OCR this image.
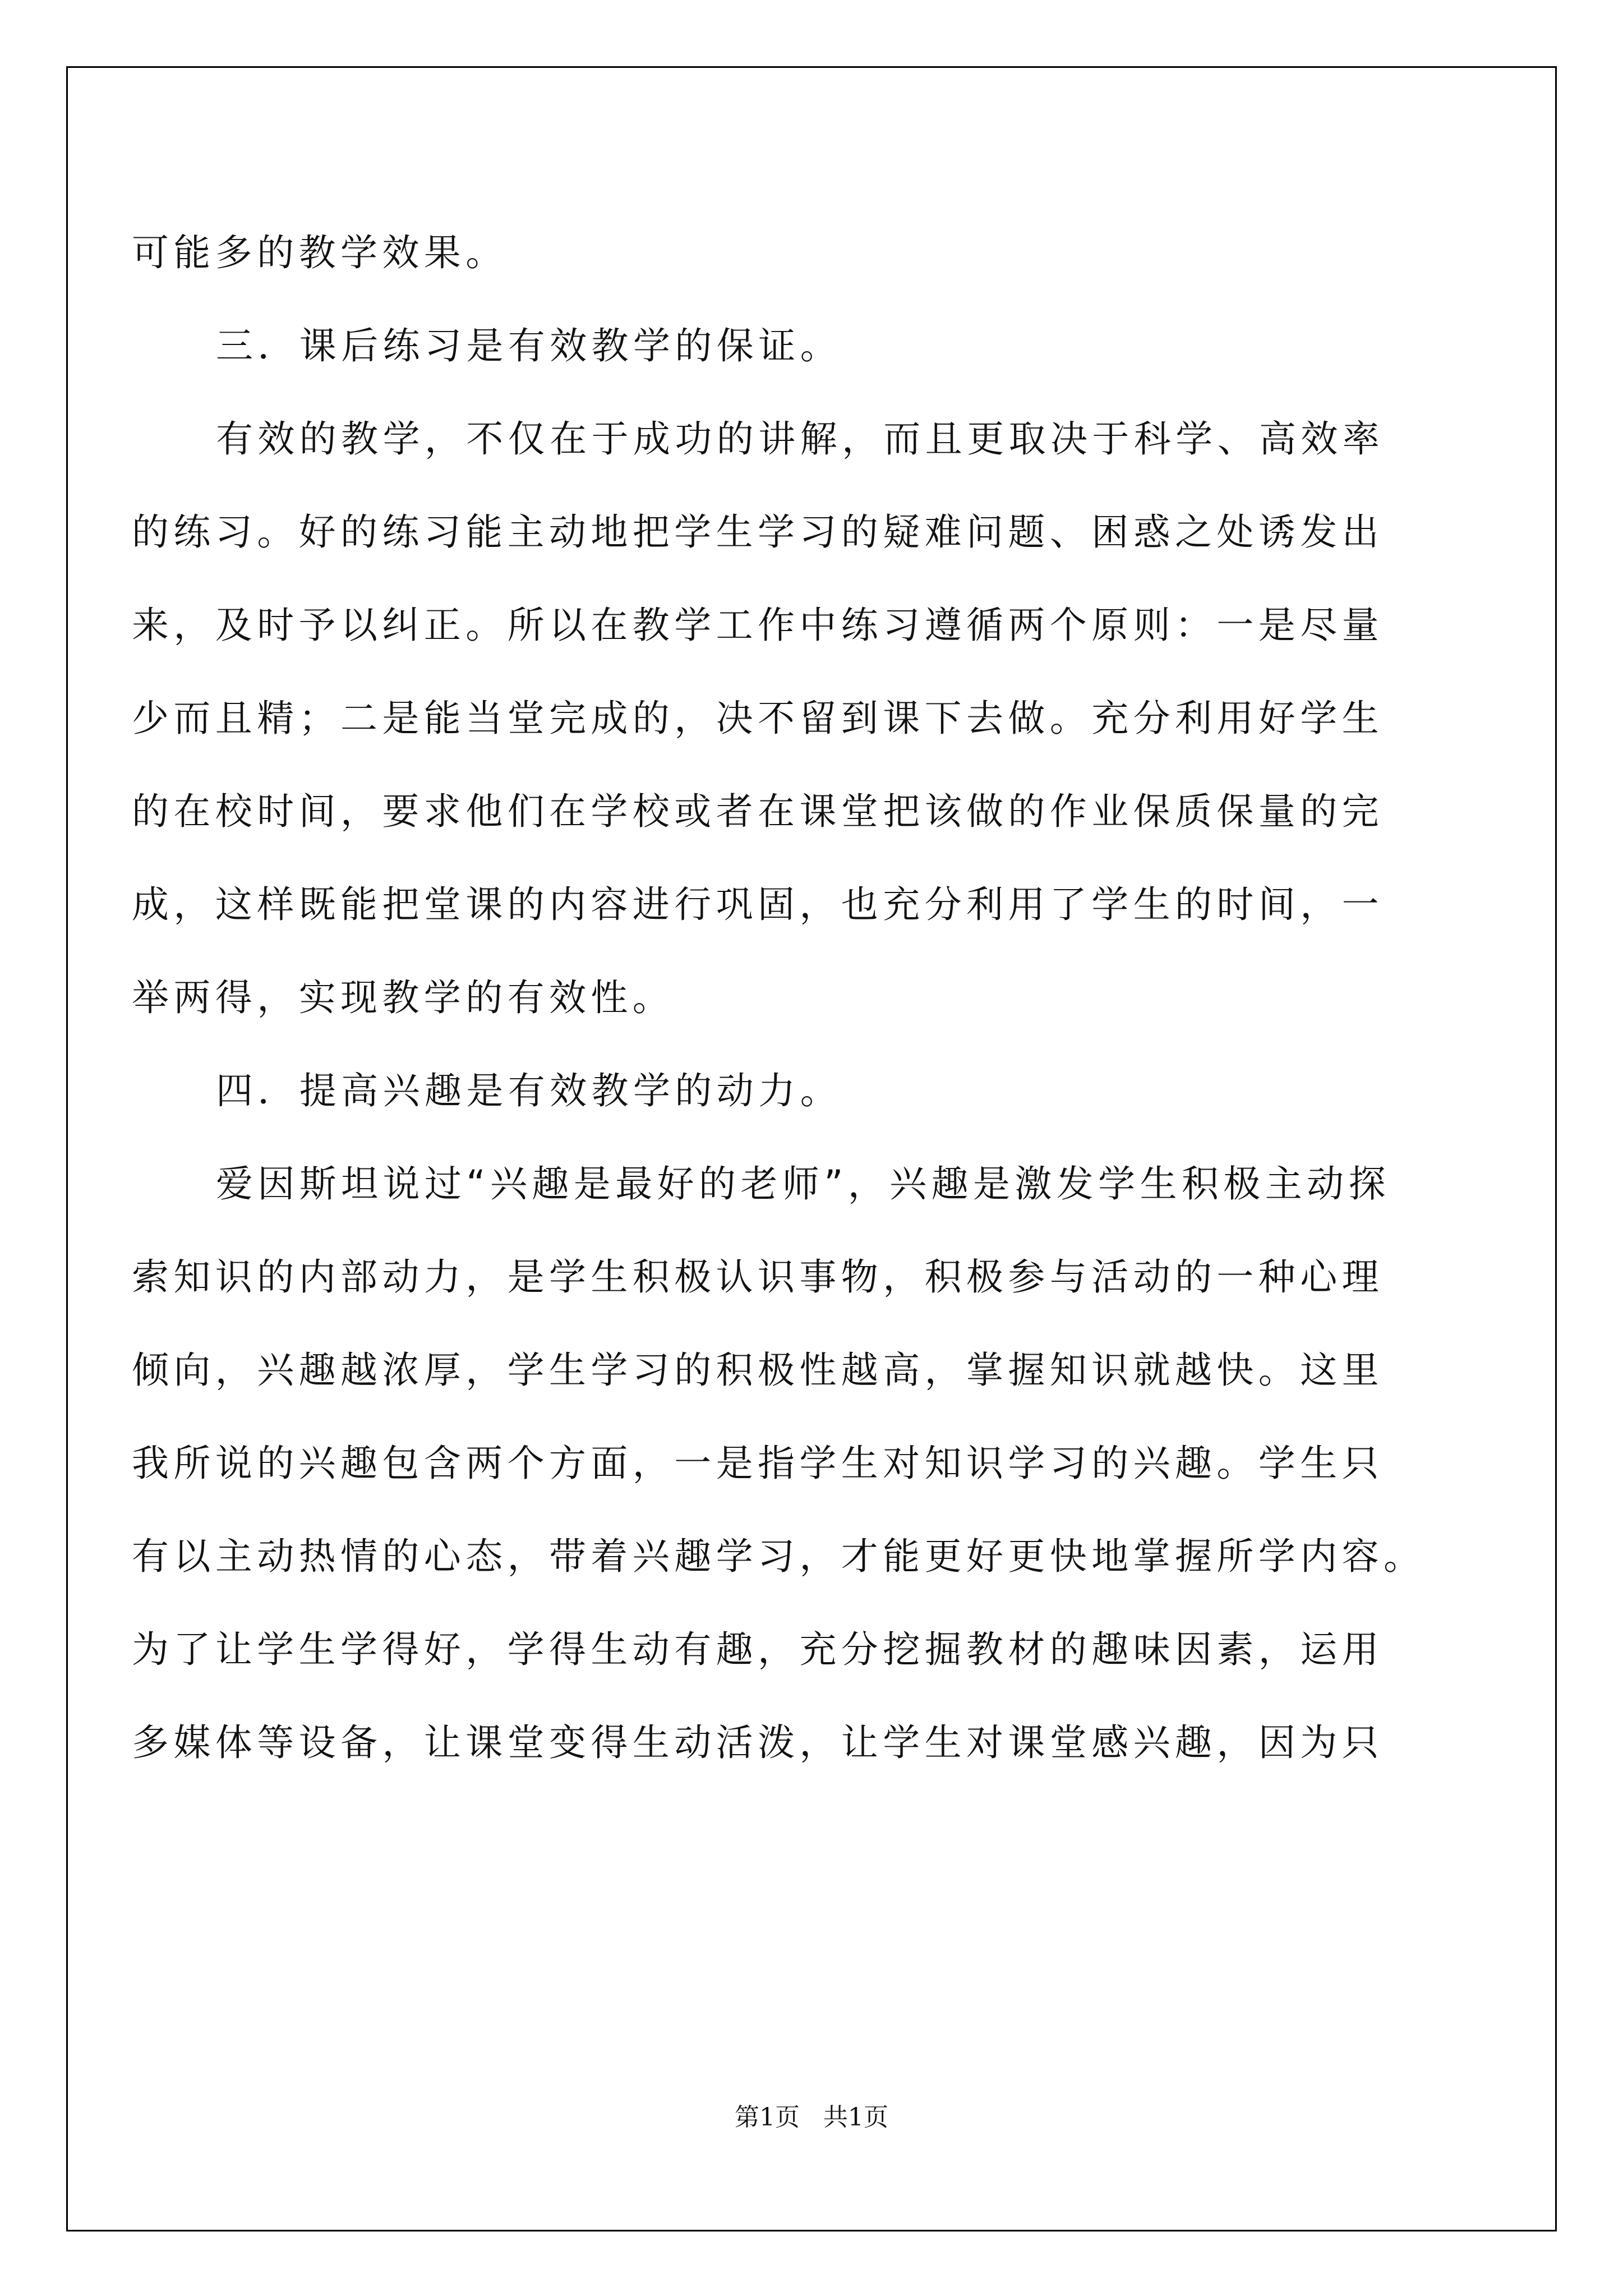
可能多的教学效果。
三．课后练习是有效教学的保证。
有效的教学，不仅在于成功的讲解，而且更取决于科学、高效率
的练习。好的练习能主动地把学生学习的疑难问题、困惑之处诱发出
来，及时予以纠正。所以在教学工作中练习遵循两个原则：一是尽量
少而且精；二是能当堂完成的，决不留到课下去做。充分利用好学生
的在校时间，要求他们在学校或者在课堂把该做的作业保质保量的完
成，这样既能把堂课的内容进行巩固，也充分利用了学生的时间，一
举两得，实现教学的有效性。
四．提高兴趣是有效教学的动力。
爱因斯坦说过“兴趣是最好的老师”，兴趣是激发学生积极主动探
索知识的内部动力，是学生积极认识事物，积极参与活动的一种心理
倾向，兴趣越浓厚，学生学习的积极性越高，掌握知识就越快。这里
我所说的兴趣包含两个方面，一是指学生对知识学习的兴趣。学生只
有以主动热情的心态，带着兴趣学习，才能更好更快地掌握所学内容。
为了让学生学得好，学得生动有趣，充分挖掘教材的趣味因素，运用
多媒体等设备，让课堂变得生动活泼，让学生对课堂感兴趣，因为只
第1页   共1页
